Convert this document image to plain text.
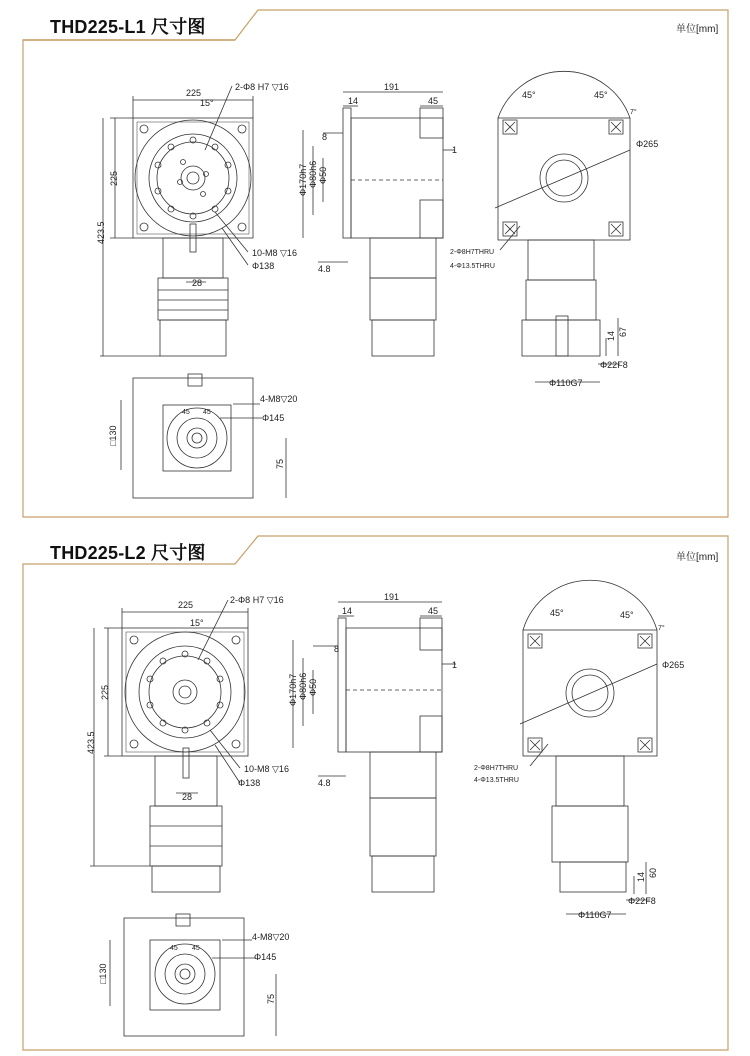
THD225-L1 尺寸图	单位[mm]
225
2-Φ8 H7 ▽16
15°
225
423.5
10-M8 ▽16
Φ138
28
191
14	45
8
1
Φ170h7 Φ80h6 Φ50
4.8
2-Φ8H7THRU
4-Φ13.5THRU
45°	45°
7°
Φ265
14 67
Φ22F8
Φ110G7
4-M8▽20
Φ145
□130
75
45 45
THD225-L2 尺寸图	单位[mm]
225	2-Φ8 H7 ▽16
15°
225
423.5
10-M8 ▽16
Φ138
28
191
14	45
8
1
Φ170h7 Φ80h6 Φ50
4.8
2-Φ8H7THRU
4-Φ13.5THRU
45°	45°
7°
Φ265
14 60
Φ22F8
Φ110G7
4-M8▽20
Φ145
□130
75
45 45
